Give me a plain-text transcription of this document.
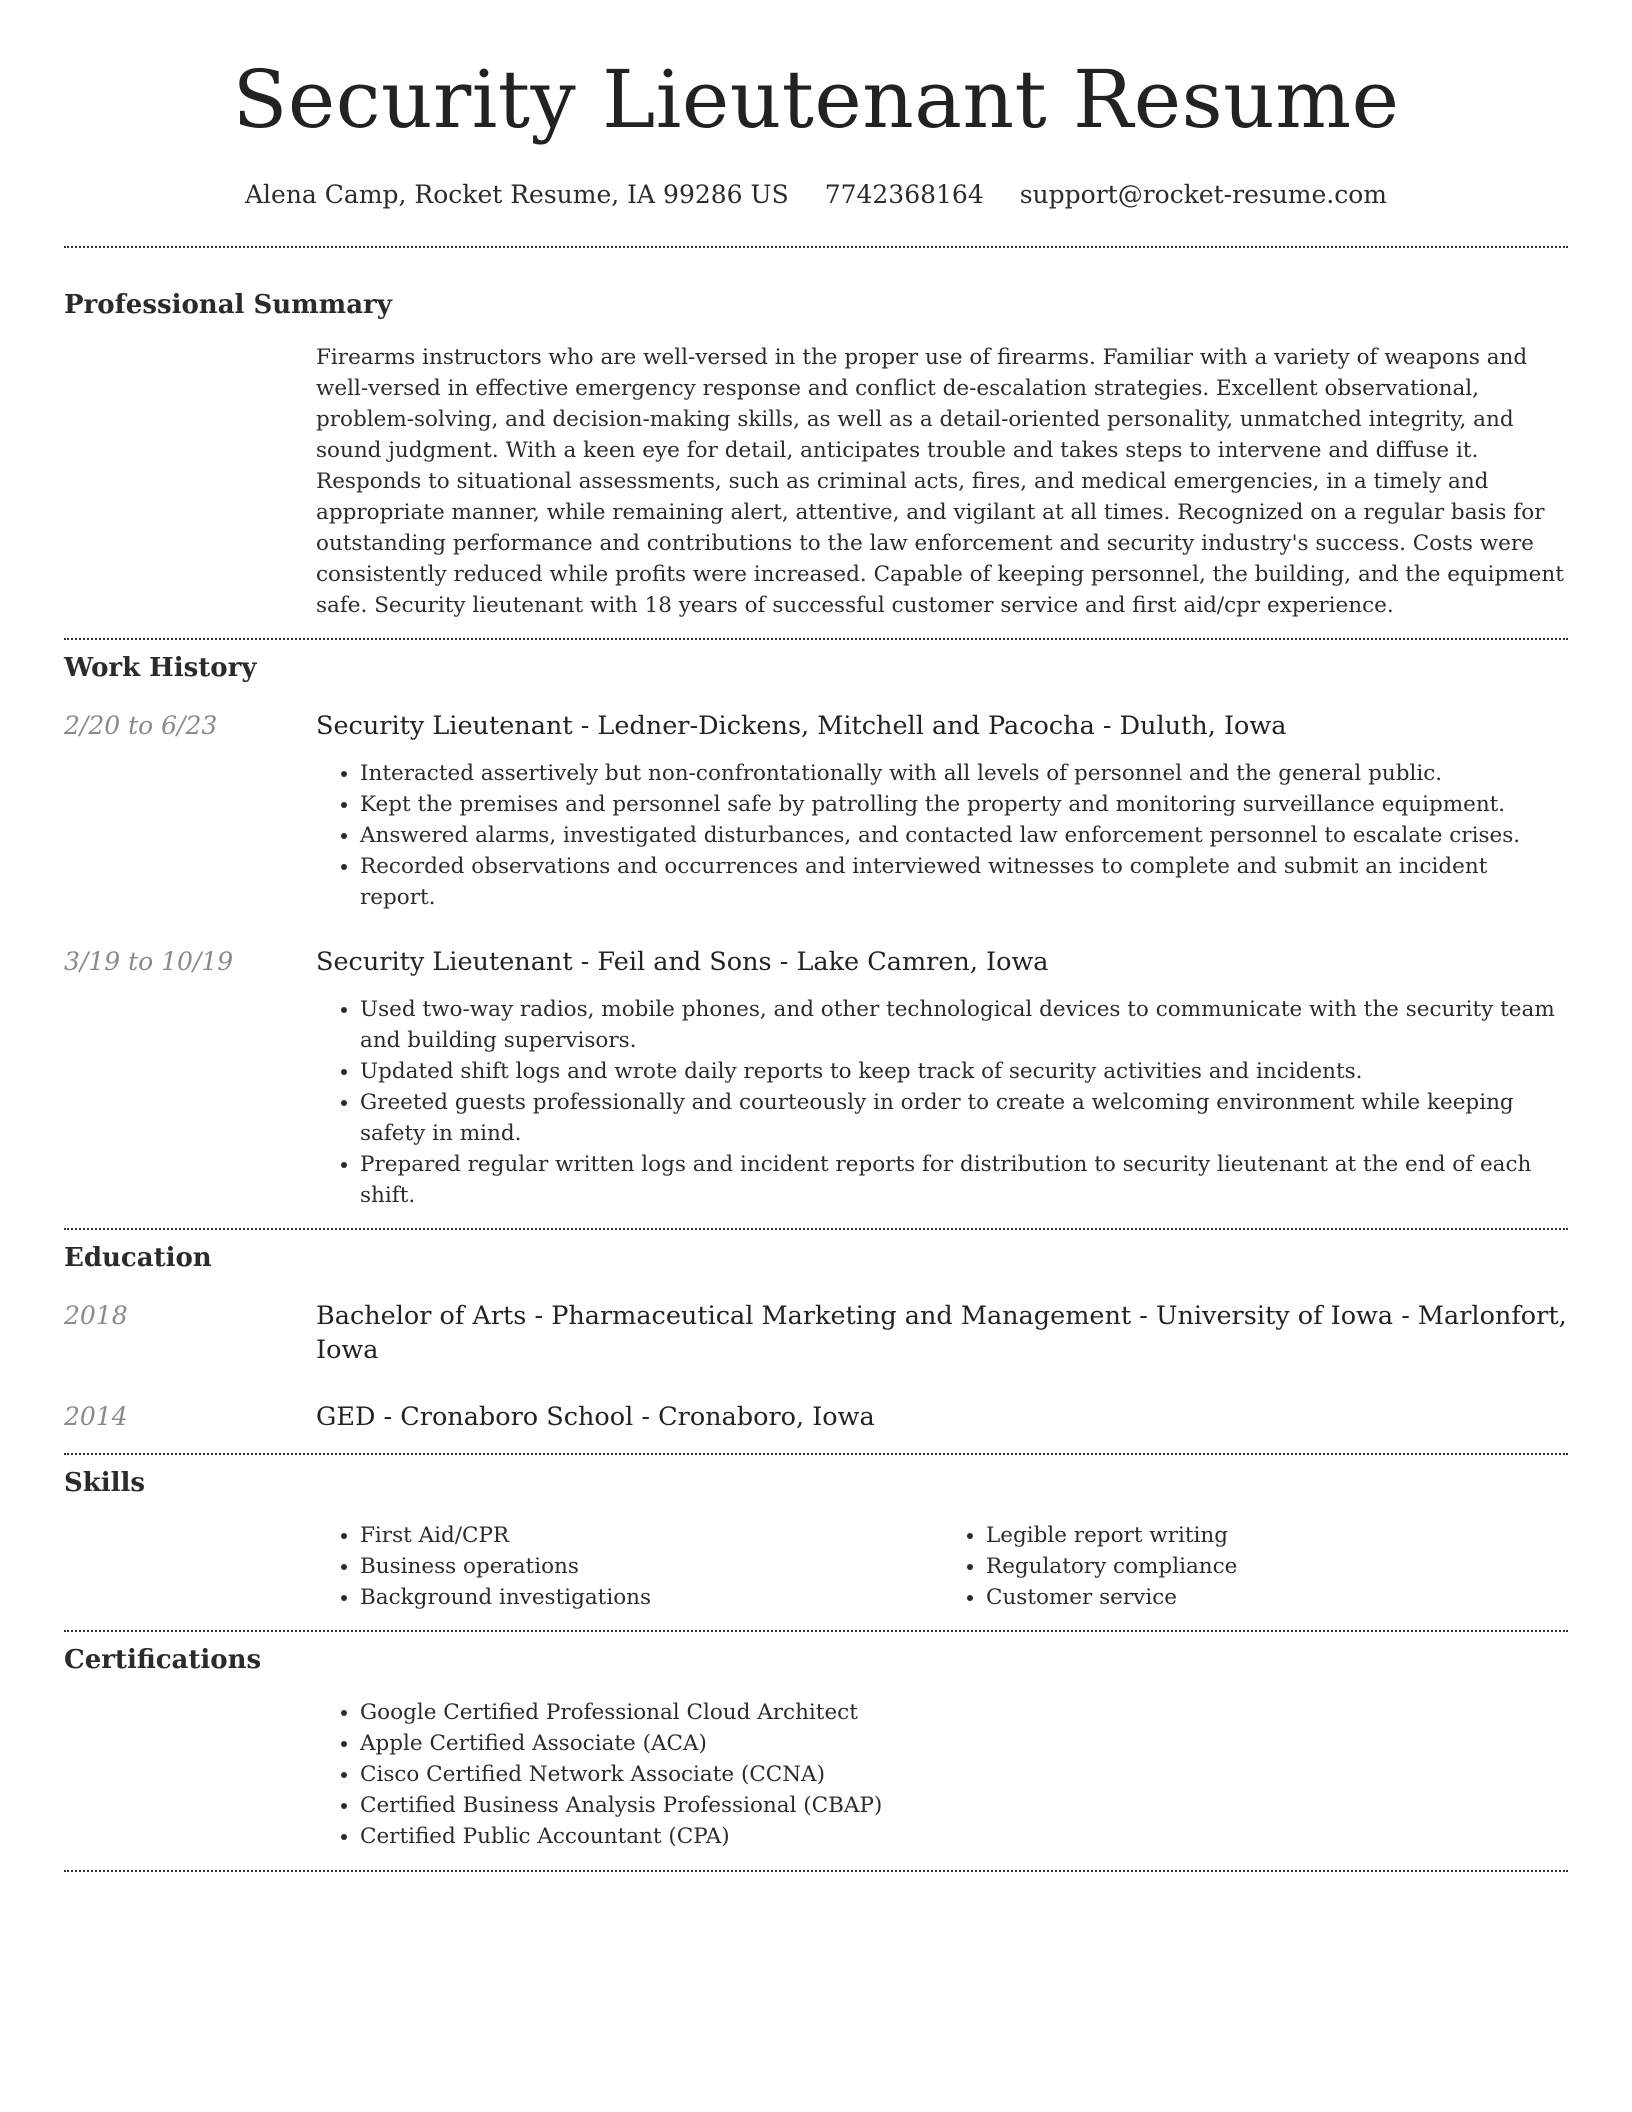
Security Lieutenant Resume
Alena Camp, Rocket Resume, IA 99286 US 7742368164 support@rocket-resume.com
Professional Summary

Firearms instructors who are well-versed in the proper use of firearms. Familiar with a variety of weapons and well-versed in effective emergency response and conflict de-escalation strategies. Excellent observational, problem-solving, and decision-making skills, as well as a detail-oriented personality, unmatched integrity, and sound judgment. With a keen eye for detail, anticipates trouble and takes steps to intervene and diffuse it. Responds to situational assessments, such as criminal acts, fires, and medical emergencies, in a timely and appropriate manner, while remaining alert, attentive, and vigilant at all times. Recognized on a regular basis for outstanding performance and contributions to the law enforcement and security industry's success. Costs were consistently reduced while profits were increased. Capable of keeping personnel, the building, and the equipment safe. Security lieutenant with 18 years of successful customer service and first aid/cpr experience.

Work History
2/20 to 6/23	Security Lieutenant - Ledner-Dickens, Mitchell and Pacocha - Duluth, Iowa
• Interacted assertively but non-confrontationally with all levels of personnel and the general public.
• Kept the premises and personnel safe by patrolling the property and monitoring surveillance equipment.
• Answered alarms, investigated disturbances, and contacted law enforcement personnel to escalate crises.
• Recorded observations and occurrences and interviewed witnesses to complete and submit an incident report.
3/19 to 10/19	Security Lieutenant - Feil and Sons - Lake Camren, Iowa
• Used two-way radios, mobile phones, and other technological devices to communicate with the security team and building supervisors.
• Updated shift logs and wrote daily reports to keep track of security activities and incidents.
• Greeted guests professionally and courteously in order to create a welcoming environment while keeping safety in mind.
• Prepared regular written logs and incident reports for distribution to security lieutenant at the end of each shift.
Education
2018	Bachelor of Arts - Pharmaceutical Marketing and Management - University of Iowa - Marlonfort, Iowa
2014	GED - Cronaboro School - Cronaboro, Iowa
Skills
• First Aid/CPR
• Business operations
• Background investigations
• Legible report writing
• Regulatory compliance
• Customer service
Certifications
• Google Certified Professional Cloud Architect
• Apple Certified Associate (ACA)
• Cisco Certified Network Associate (CCNA)
• Certified Business Analysis Professional (CBAP)
• Certified Public Accountant (CPA)
